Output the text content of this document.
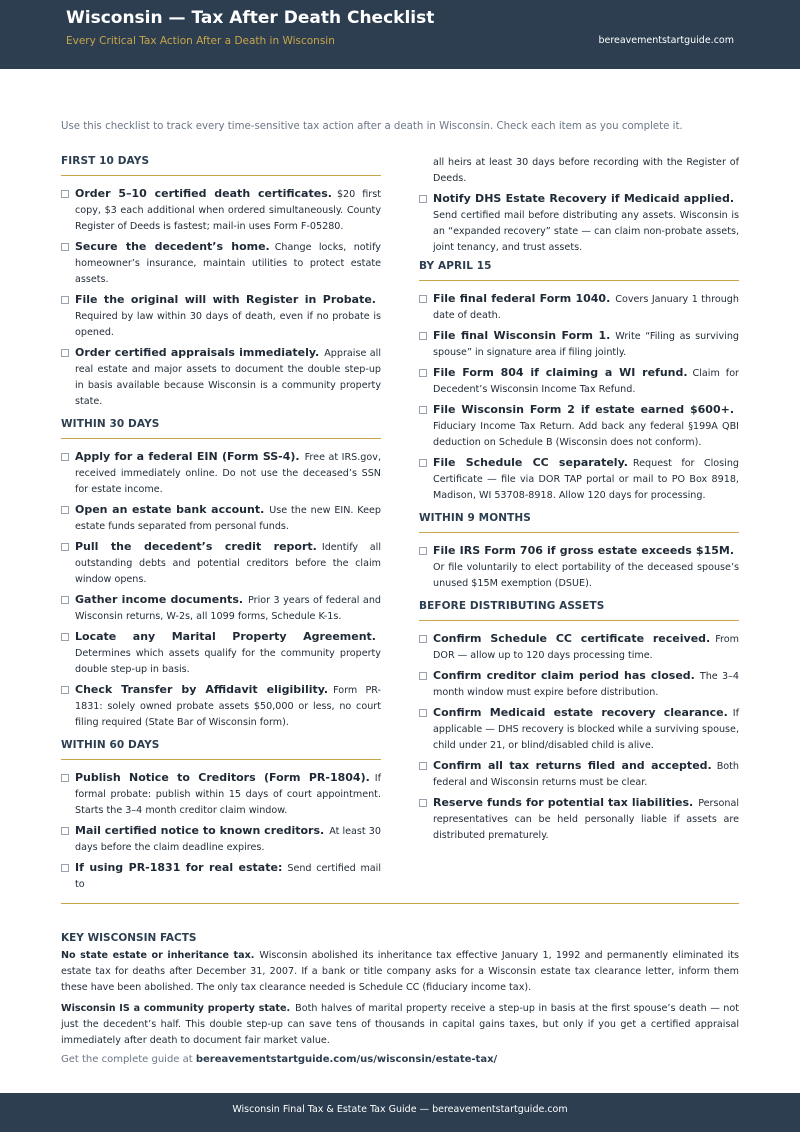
Wisconsin — Tax After Death Checklist
Every Critical Tax Action After a Death in Wisconsin	bereavementstartguide.com
Use this checklist to track every time-sensitive tax action after a death in Wisconsin. Check each item as you complete it.
FIRST 10 DAYS
Order 5–10 certified death certificates. $20 first copy, $3 each additional when ordered simultaneously. County Register of Deeds is fastest; mail-in uses Form F-05280.
Secure the decedent’s home. Change locks, notify homeowner’s insurance, maintain utilities to protect estate assets.
File the original will with Register in Probate.Required by law within 30 days of death, even if no probate is opened.
Order certified appraisals immediately. Appraise all real estate and major assets to document the double step-up in basis available because Wisconsin is a community property state.
WITHIN 30 DAYS
Apply for a federal EIN (Form SS-4). Free at IRS.gov, received immediately online. Do not use the deceased’s SSN for estate income.
Open an estate bank account. Use the new EIN. Keep estate funds separated from personal funds.
Pull the decedent’s credit report. Identify all outstanding debts and potential creditors before the claim window opens.
Gather income documents. Prior 3 years of federal and Wisconsin returns, W-2s, all 1099 forms, Schedule K-1s.
Locate any Marital Property Agreement.Determines which assets qualify for the community property double step-up in basis.
Check Transfer by Affidavit eligibility. Form PR-1831: solely owned probate assets $50,000 or less, no court filing required (State Bar of Wisconsin form).
WITHIN 60 DAYS
Publish Notice to Creditors (Form PR-1804). If formal probate: publish within 15 days of court appointment. Starts the 3–4 month creditor claim window.
Mail certified notice to known creditors. At least 30 days before the claim deadline expires.
If using PR-1831 for real estate: Send certified mail to
all heirs at least 30 days before recording with the Register of Deeds.
Notify DHS Estate Recovery if Medicaid applied.Send certified mail before distributing any assets. Wisconsin is an “expanded recovery” state — can claim non-probate assets, joint tenancy, and trust assets.
BY APRIL 15
File final federal Form 1040. Covers January 1 through date of death.
File final Wisconsin Form 1. Write “Filing as surviving spouse” in signature area if filing jointly.
File Form 804 if claiming a WI refund. Claim for Decedent’s Wisconsin Income Tax Refund.
File Wisconsin Form 2 if estate earned $600+.Fiduciary Income Tax Return. Add back any federal §199A QBI deduction on Schedule B (Wisconsin does not conform).
File Schedule CC separately. Request for Closing Certificate — file via DOR TAP portal or mail to PO Box 8918, Madison, WI 53708-8918. Allow 120 days for processing.
WITHIN 9 MONTHS
File IRS Form 706 if gross estate exceeds $15M.Or file voluntarily to elect portability of the deceased spouse’s unused $15M exemption (DSUE).
BEFORE DISTRIBUTING ASSETS
Confirm Schedule CC certificate received. From DOR — allow up to 120 days processing time.
Confirm creditor claim period has closed. The 3–4 month window must expire before distribution.
Confirm Medicaid estate recovery clearance. If applicable — DHS recovery is blocked while a surviving spouse, child under 21, or blind/disabled child is alive.
Confirm all tax returns filed and accepted. Both federal and Wisconsin returns must be clear.
Reserve funds for potential tax liabilities. Personal representatives can be held personally liable if assets are distributed prematurely.
KEY WISCONSIN FACTS

No state estate or inheritance tax. Wisconsin abolished its inheritance tax effective January 1, 1992 and permanently eliminated its estate tax for deaths after December 31, 2007. If a bank or title company asks for a Wisconsin estate tax clearance letter, inform them these have been abolished. The only tax clearance needed is Schedule CC (fiduciary income tax).

Wisconsin IS a community property state. Both halves of marital property receive a step-up in basis at the first spouse’s death — not just the decedent’s half. This double step-up can save tens of thousands in capital gains taxes, but only if you get a certified appraisal immediately after death to document fair market value.

Get the complete guide at bereavementstartguide.com/us/wisconsin/estate-tax/
Wisconsin Final Tax & Estate Tax Guide — bereavementstartguide.com
